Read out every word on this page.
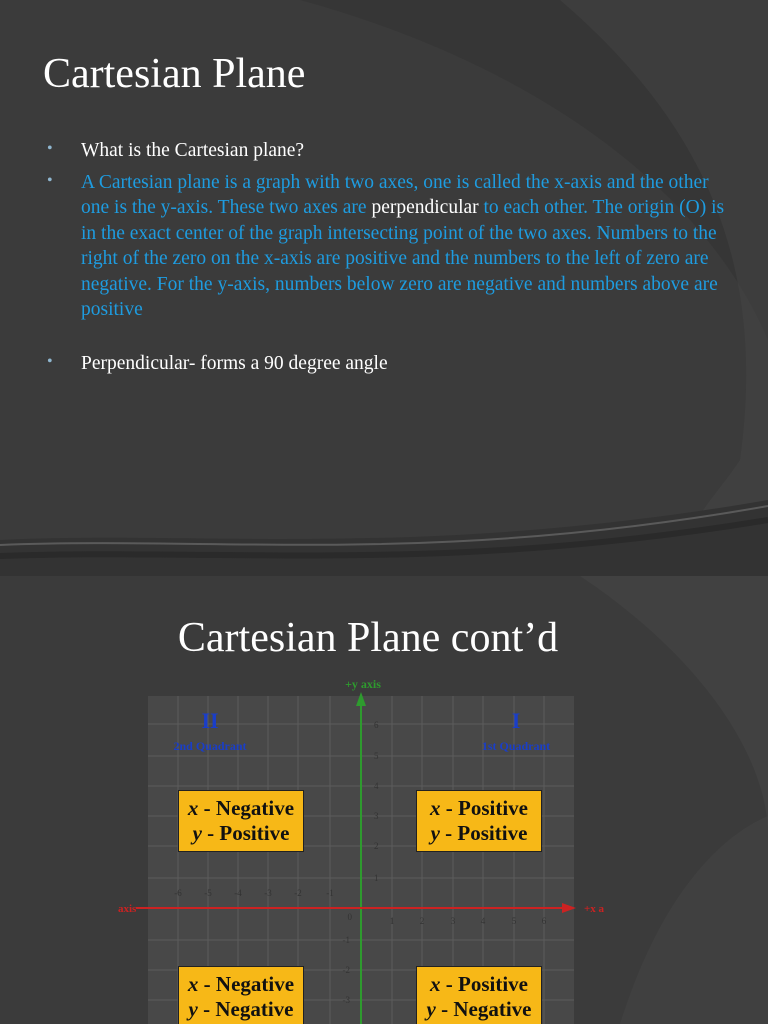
Cartesian Plane
• What is the Cartesian plane?
• A Cartesian plane is a graph with two axes, one is called the x-axis and the other one is the y-axis. These two axes are perpendicular to each other. The origin (O) is in the exact center of the graph intersecting point of the two axes. Numbers to the right of the zero on the x-axis are positive and the numbers to the left of zero are negative. For the y-axis, numbers below zero are negative and numbers above are positive
• Perpendicular- forms a 90 degree angle
Cartesian Plane cont’d
+y axis
axis	+x a
II
2nd Quadrant
I
1st Quadrant
0
6
5
4
3
2
1
-1
-2
-3
-6	-5	-4	-3	-2	-1
1	2	3	4	5	6
x - Negative
y - Positive
x - Positive
y - Positive
x - Negative
y - Negative
x - Positive
y - Negative
